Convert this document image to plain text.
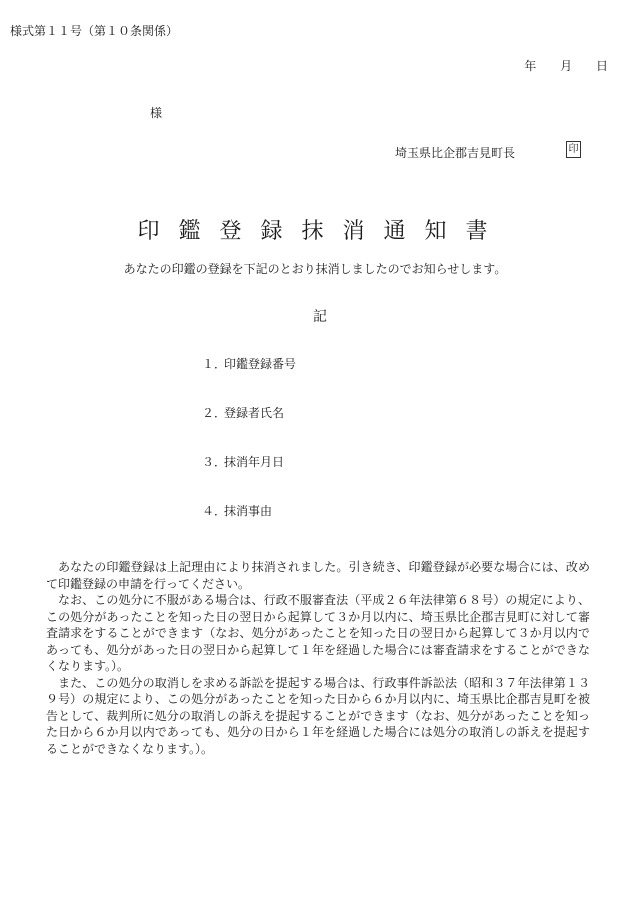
様式第１１号（第１０条関係）
年 月 日
様
埼玉県比企郡吉見町長	印
印鑑登録抹消通知書
あなたの印鑑の登録を下記のとおり抹消しましたのでお知らせします。
記
１．印鑑登録番号
２．登録者氏名
３．抹消年月日
４．抹消事由

あなたの印鑑登録は上記理由により抹消されました。引き続き、印鑑登録が必要な場合には、改めて印鑑登録の申請を行ってください。

なお、この処分に不服がある場合は、行政不服審査法（平成２６年法律第６８号）の規定により、この処分があったことを知った日の翌日から起算して３か月以内に、埼玉県比企郡吉見町に対して審査請求をすることができます（なお、処分があったことを知った日の翌日から起算して３か月以内であっても、処分があった日の翌日から起算して１年を経過した場合には審査請求をすることができなくなります。）。

また、この処分の取消しを求める訴訟を提起する場合は、行政事件訴訟法（昭和３７年法律第１３９号）の規定により、この処分があったことを知った日から６か月以内に、埼玉県比企郡吉見町を被告として、裁判所に処分の取消しの訴えを提起することができます（なお、処分があったことを知った日から６か月以内であっても、処分の日から１年を経過した場合には処分の取消しの訴えを提起することができなくなります。）。
